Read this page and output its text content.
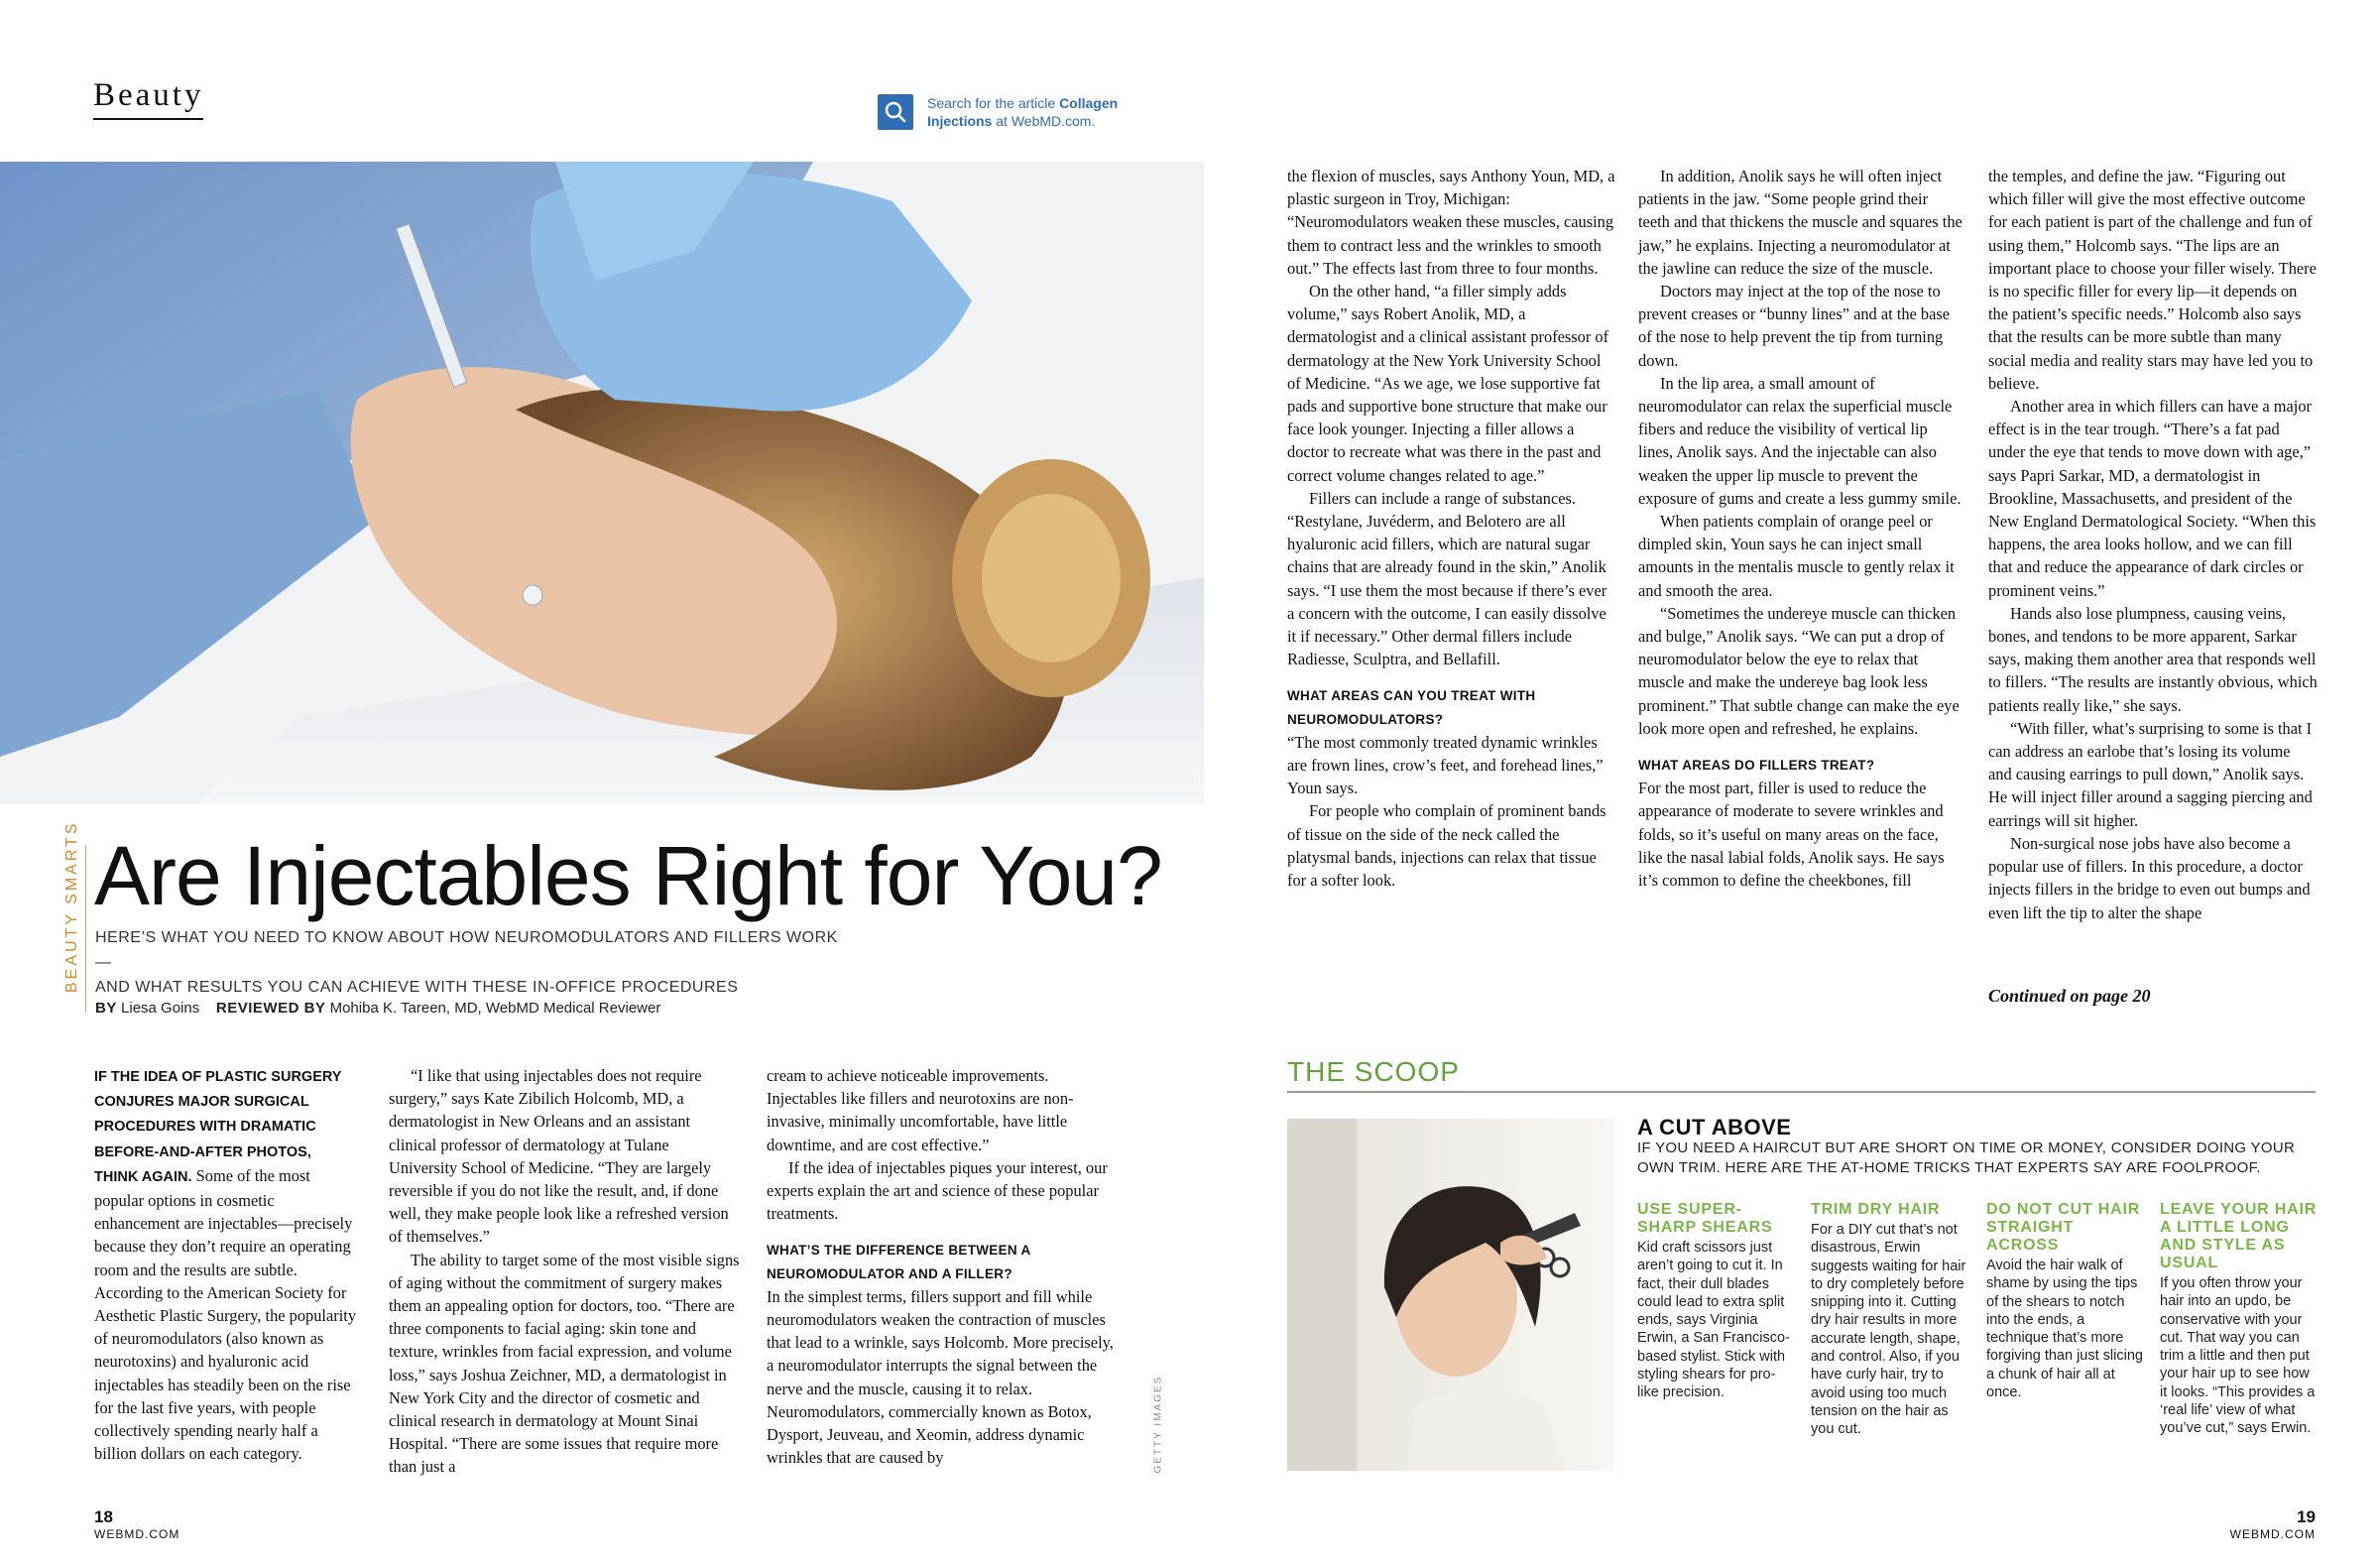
Beauty	Search for the article Collagen Injections at WebMD.com.
BEAUTY SMARTS Are Injectables Right for You?
HERE’S WHAT YOU NEED TO KNOW ABOUT HOW NEUROMODULATORS AND FILLERS WORK—
AND WHAT RESULTS YOU CAN ACHIEVE WITH THESE IN-OFFICE PROCEDURES
BY Liesa Goins REVIEWED BY Mohiba K. Tareen, MD, WebMD Medical Reviewer

IF THE IDEA OF PLASTIC SURGERY CONJURES MAJOR SURGICAL PROCEDURES WITH DRAMATIC BEFORE-AND-AFTER PHOTOS, THINK AGAIN. Some of the most popular options in cosmetic enhancement are injectables—precisely because they don’t require an operating room and the results are subtle. According to the American Society for Aesthetic Plastic Surgery, the popularity of neuromodulators (also known as neurotoxins) and hyaluronic acid injectables has steadily been on the rise for the last five years, with people collectively spending nearly half a billion dollars on each category.

“I like that using injectables does not require surgery,” says Kate Zibilich Holcomb, MD, a dermatologist in New Orleans and an assistant clinical professor of dermatology at Tulane University School of Medicine. “They are largely reversible if you do not like the result, and, if done well, they make people look like a refreshed version of themselves.”

The ability to target some of the most visible signs of aging without the commitment of surgery makes them an appealing option for doctors, too. “There are three components to facial aging: skin tone and texture, wrinkles from facial expression, and volume loss,” says Joshua Zeichner, MD, a dermatologist in New York City and the director of cosmetic and clinical research in dermatology at Mount Sinai Hospital. “There are some issues that require more than just a

cream to achieve noticeable improvements. Injectables like fillers and neurotoxins are non-invasive, minimally uncomfortable, have little downtime, and are cost effective.”

If the idea of injectables piques your interest, our experts explain the art and science of these popular treatments.

WHAT’S THE DIFFERENCE BETWEEN A NEUROMODULATOR AND A FILLER?

In the simplest terms, fillers support and fill while neuromodulators weaken the contraction of muscles that lead to a wrinkle, says Holcomb. More precisely, a neuromodulator interrupts the signal between the nerve and the muscle, causing it to relax. Neuromodulators, commercially known as Botox, Dysport, Jeuveau, and Xeomin, address dynamic wrinkles that are caused by	GETTY IMAGES

the flexion of muscles, says Anthony Youn, MD, a plastic surgeon in Troy, Michigan: “Neuromodulators weaken these muscles, causing them to contract less and the wrinkles to smooth out.” The effects last from three to four months.

On the other hand, “a filler simply adds volume,” says Robert Anolik, MD, a dermatologist and a clinical assistant professor of dermatology at the New York University School of Medicine. “As we age, we lose supportive fat pads and supportive bone structure that make our face look younger. Injecting a filler allows a doctor to recreate what was there in the past and correct volume changes related to age.”

Fillers can include a range of substances. “Restylane, Juvéderm, and Belotero are all hyaluronic acid fillers, which are natural sugar chains that are already found in the skin,” Anolik says. “I use them the most because if there’s ever a concern with the outcome, I can easily dissolve it if necessary.” Other dermal fillers include Radiesse, Sculptra, and Bellafill.

WHAT AREAS CAN YOU TREAT WITH NEUROMODULATORS?

“The most commonly treated dynamic wrinkles are frown lines, crow’s feet, and forehead lines,” Youn says.

For people who complain of prominent bands of tissue on the side of the neck called the platysmal bands, injections can relax that tissue for a softer look.

In addition, Anolik says he will often inject patients in the jaw. “Some people grind their teeth and that thickens the muscle and squares the jaw,” he explains. Injecting a neuromodulator at the jawline can reduce the size of the muscle.

Doctors may inject at the top of the nose to prevent creases or “bunny lines” and at the base of the nose to help prevent the tip from turning down.

In the lip area, a small amount of neuromodulator can relax the superficial muscle fibers and reduce the visibility of vertical lip lines, Anolik says. And the injectable can also weaken the upper lip muscle to prevent the exposure of gums and create a less gummy smile.

When patients complain of orange peel or dimpled skin, Youn says he can inject small amounts in the mentalis muscle to gently relax it and smooth the area.

“Sometimes the undereye muscle can thicken and bulge,” Anolik says. “We can put a drop of neuromodulator below the eye to relax that muscle and make the undereye bag look less prominent.” That subtle change can make the eye look more open and refreshed, he explains.

WHAT AREAS DO FILLERS TREAT?

For the most part, filler is used to reduce the appearance of moderate to severe wrinkles and folds, so it’s useful on many areas on the face, like the nasal labial folds, Anolik says. He says it’s common to define the cheekbones, fill

the temples, and define the jaw. “Figuring out which filler will give the most effective outcome for each patient is part of the challenge and fun of using them,” Holcomb says. “The lips are an important place to choose your filler wisely. There is no specific filler for every lip—it depends on the patient’s specific needs.” Holcomb also says that the results can be more subtle than many social media and reality stars may have led you to believe.

Another area in which fillers can have a major effect is in the tear trough. “There’s a fat pad under the eye that tends to move down with age,” says Papri Sarkar, MD, a dermatologist in Brookline, Massachusetts, and president of the New England Dermatological Society. “When this happens, the area looks hollow, and we can fill that and reduce the appearance of dark circles or prominent veins.”

Hands also lose plumpness, causing veins, bones, and tendons to be more apparent, Sarkar says, making them another area that responds well to fillers. “The results are instantly obvious, which patients really like,” she says.

“With filler, what’s surprising to some is that I can address an earlobe that’s losing its volume and causing earrings to pull down,” Anolik says. He will inject filler around a sagging piercing and earrings will sit higher.

Non-surgical nose jobs have also become a popular use of fillers. In this procedure, a doctor injects fillers in the bridge to even out bumps and even lift the tip to alter the shape

Continued on page 20
THE SCOOP
A CUT ABOVE
IF YOU NEED A HAIRCUT BUT ARE SHORT ON TIME OR MONEY, CONSIDER DOING YOUR OWN TRIM. HERE ARE THE AT-HOME TRICKS THAT EXPERTS SAY ARE FOOLPROOF.
USE SUPER-SHARP SHEARS

Kid craft scissors just aren’t going to cut it. In fact, their dull blades could lead to extra split ends, says Virginia Erwin, a San Francisco-based stylist. Stick with styling shears for pro-like precision.

TRIM DRY HAIR

For a DIY cut that’s not disastrous, Erwin suggests waiting for hair to dry completely before snipping into it. Cutting dry hair results in more accurate length, shape, and control. Also, if you have curly hair, try to avoid using too much tension on the hair as you cut.

DO NOT CUT HAIR STRAIGHT ACROSS

Avoid the hair walk of shame by using the tips of the shears to notch into the ends, a technique that’s more forgiving than just slicing a chunk of hair all at once.

LEAVE YOUR HAIR A LITTLE LONG AND STYLE AS USUAL

If you often throw your hair into an updo, be conservative with your cut. That way you can trim a little and then put your hair up to see how it looks. “This provides a ‘real life’ view of what you’ve cut,” says Erwin.

18
WEBMD.COM
19
WEBMD.COM
